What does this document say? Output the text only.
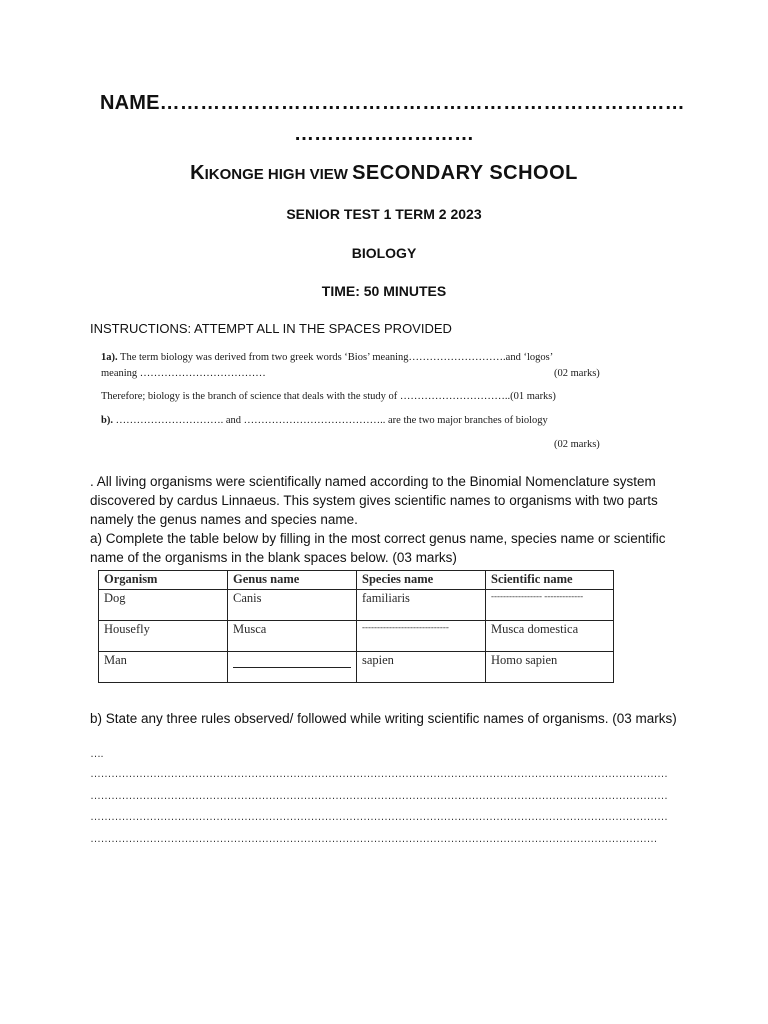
NAME……………………………………………………………………
………………………
KIKONGE HIGH VIEW SECONDARY SCHOOL
SENIOR TEST 1 TERM 2 2023
BIOLOGY
TIME: 50 MINUTES
INSTRUCTIONS: ATTEMPT ALL IN THE SPACES PROVIDED
1a). The term biology was derived from two greek words ‘Bios’ meaning……………………….and ‘logos’
meaning ………………………………	(02 marks)
Therefore; biology is the branch of science that deals with the study of …………………………..(01 marks)
b). …………………………. and ………………………………….. are the two major branches of biology
(02 marks)

. All living organisms were scientifically named according to the Binomial Nomenclature system discovered by cardus Linnaeus. This system gives scientific names to organisms with two parts namely the genus names and species name.

a) Complete the table below by filling in the most correct genus name, species name or scientific name of the organisms in the blank spaces below. (03 marks)

Organism	Genus name	Species name	Scientific name
Dog	Canis	familiaris	----------------- -------------
Housefly	Musca	-----------------------------	Musca domestica
Man		sapien	Homo sapien
b) State any three rules observed/ followed while writing scientific names of organisms. (03 marks)
….
…………………………………………………………………………………………………………………………………………………
…………………………………………………………………………………………………………………………………………………
…………………………………………………………………………………………………………………………………………………
………………………………………………………………………………………………………………………………………………
